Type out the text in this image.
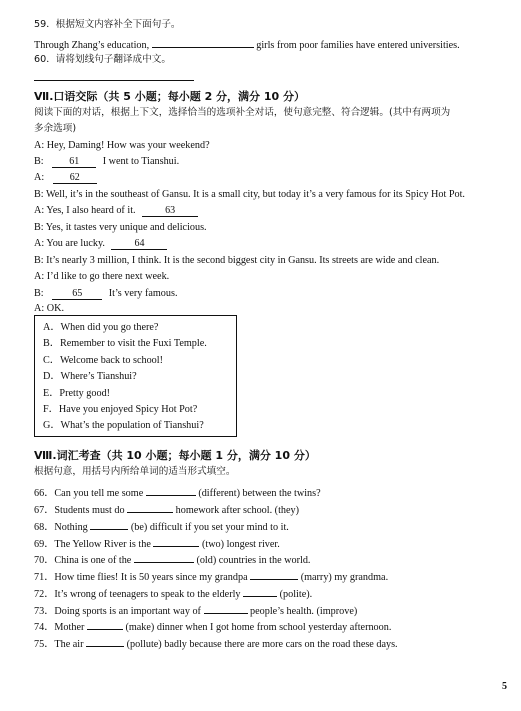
59．根据短文内容补全下面句子。
Through Zhang’s education,	girls from poor families have entered universities.
60．请将划线句子翻译成中文。
Ⅶ.口语交际（共 5 小题；每小题 2 分，满分 10 分）
阅读下面的对话，根据上下文，选择恰当的选项补全对话，使句意完整、符合逻辑。(其中有两项为
多余选项)
A: Hey, Daming! How was your weekend?
B:	61 I went to Tianshui.
A:	62
B: Well, it’s in the southeast of Gansu. It is a small city, but today it’s a very famous for its Spicy Hot Pot.
A: Yes, I also heard of it.	63
B: Yes, it tastes very unique and delicious.
A: You are lucky.	64
B: It’s nearly 3 million, I think. It is the second biggest city in Gansu. Its streets are wide and clean.
A: I’d like to go there next week.
B:	65	It’s very famous.
A: OK.
A．When did you go there?
B．Remember to visit the Fuxi Temple.
C．Welcome back to school!
D．Where’s Tianshui?
E．Pretty good!
F．Have you enjoyed Spicy Hot Pot?
G．What’s the population of Tianshui?
Ⅷ.词汇考查（共 10 小题；每小题 1 分，满分 10 分）
根据句意，用括号内所给单词的适当形式填空。
66．Can you tell me some	(different) between the twins?
67．Students must do	homework after school. (they)
68．Nothing	(be) difficult if you set your mind to it.
69．The Yellow River is the	(two) longest river.
70．China is one of the	(old) countries in the world.
71．How time flies! It is 50 years since my grandpa	(marry) my grandma.
72．It’s wrong of teenagers to speak to the elderly	(polite).
73．Doing sports is an important way of	people’s health. (improve)
74．Mother	(make) dinner when I got home from school yesterday afternoon.
75．The air	(pollute) badly because there are more cars on the road these days.
5
